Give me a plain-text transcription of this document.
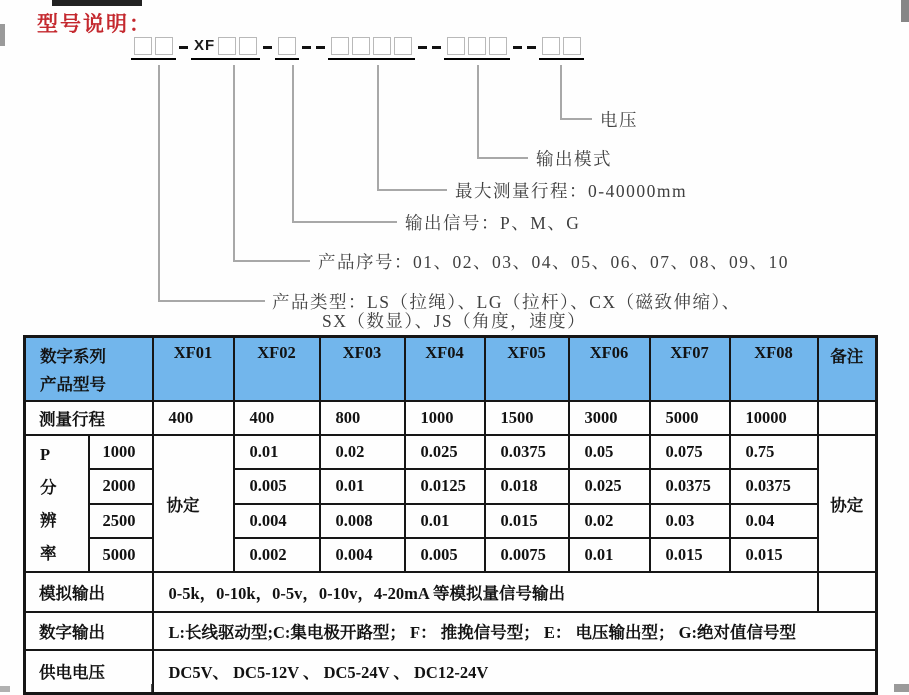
型号说明：
XF
电压
输出模式
最大测量行程：0-40000mm
输出信号：P、M、G
产品序号：01、02、03、04、05、06、07、08、09、10
产品类型：LS（拉绳）、LG（拉杆）、CX（磁致伸缩）、
SX（数显）、JS（角度，速度）
数字系列
产品型号		XF01	XF02	XF03	XF04	XF05	XF06	XF07	XF08	备注
测量行程		400	400	800	1000	1500	3000	5000	10000	

P
分
辨
率	1000	协定	0.01	0.02	0.025	0.0375	0.05	0.075	0.75	协定
	2000		0.005	0.01	0.0125	0.018	0.025	0.0375	0.0375	
	2500		0.004	0.008	0.01	0.015	0.02	0.03	0.04	
	5000		0.002	0.004	0.005	0.0075	0.01	0.015	0.015	
模拟输出		0-5k，0-10k，0-5v，0-10v，4-20mA 等模拟量信号输出								
数字输出		L:长线驱动型;C:集电极开路型； F： 推挽信号型； E： 电压输出型； G:绝对值信号型								
供电电压		DC5V、 DC5-12V 、 DC5-24V 、 DC12-24V								
